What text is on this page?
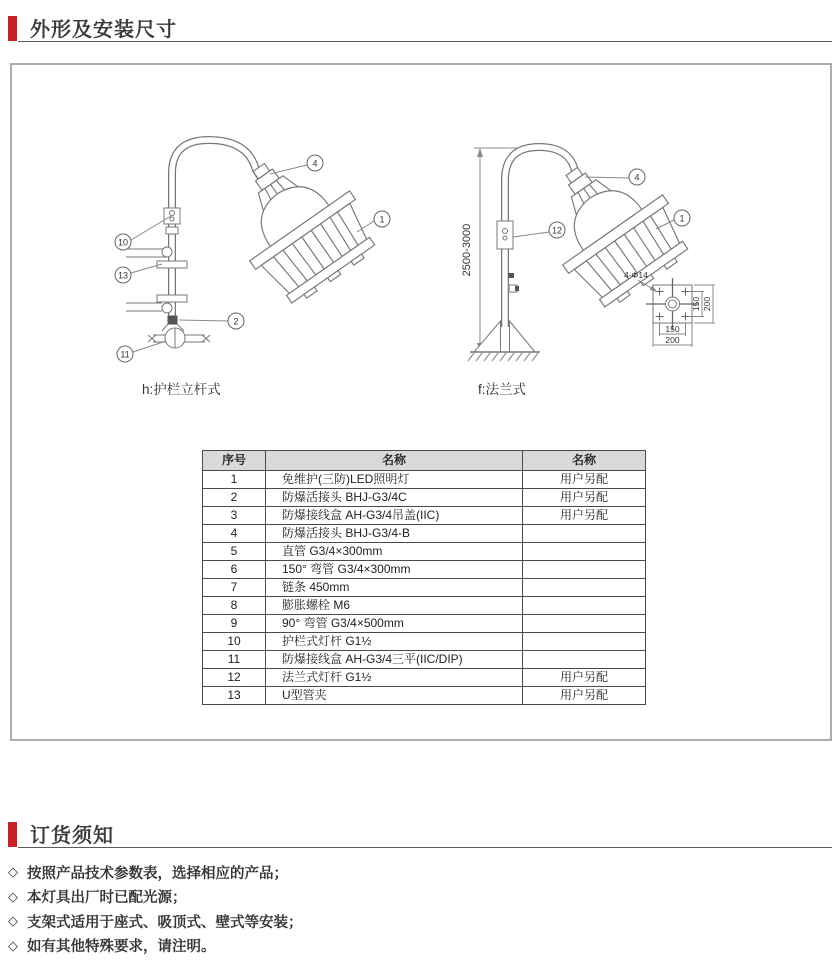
外形及安装尺寸
4
1
10
13
2
11
2500-3000
4
1
12
150 200
150
200
4-Φ14
h:护栏立杆式	f:法兰式
序号	名称	名称
1	免维护(三防)LED照明灯	用户另配
2	防爆活接头 BHJ-G3/4C	用户另配
3	防爆接线盒 AH-G3/4吊盖(IIC)	用户另配
4	防爆活接头 BHJ-G3/4-B	
5	直管 G3/4×300mm	
6	150° 弯管 G3/4×300mm	
7	链条 450mm	
8	膨胀螺栓 M6	
9	90° 弯管 G3/4×500mm	
10	护栏式灯杆 G1½	
11	防爆接线盒 AH-G3/4三平(IIC/DIP)	
12	法兰式灯杆 G1½	用户另配
13	U型管夹	用户另配
订货须知
◇ 按照产品技术参数表，选择相应的产品；
◇ 本灯具出厂时已配光源；
◇ 支架式适用于座式、吸顶式、壁式等安装；
◇ 如有其他特殊要求，请注明。
